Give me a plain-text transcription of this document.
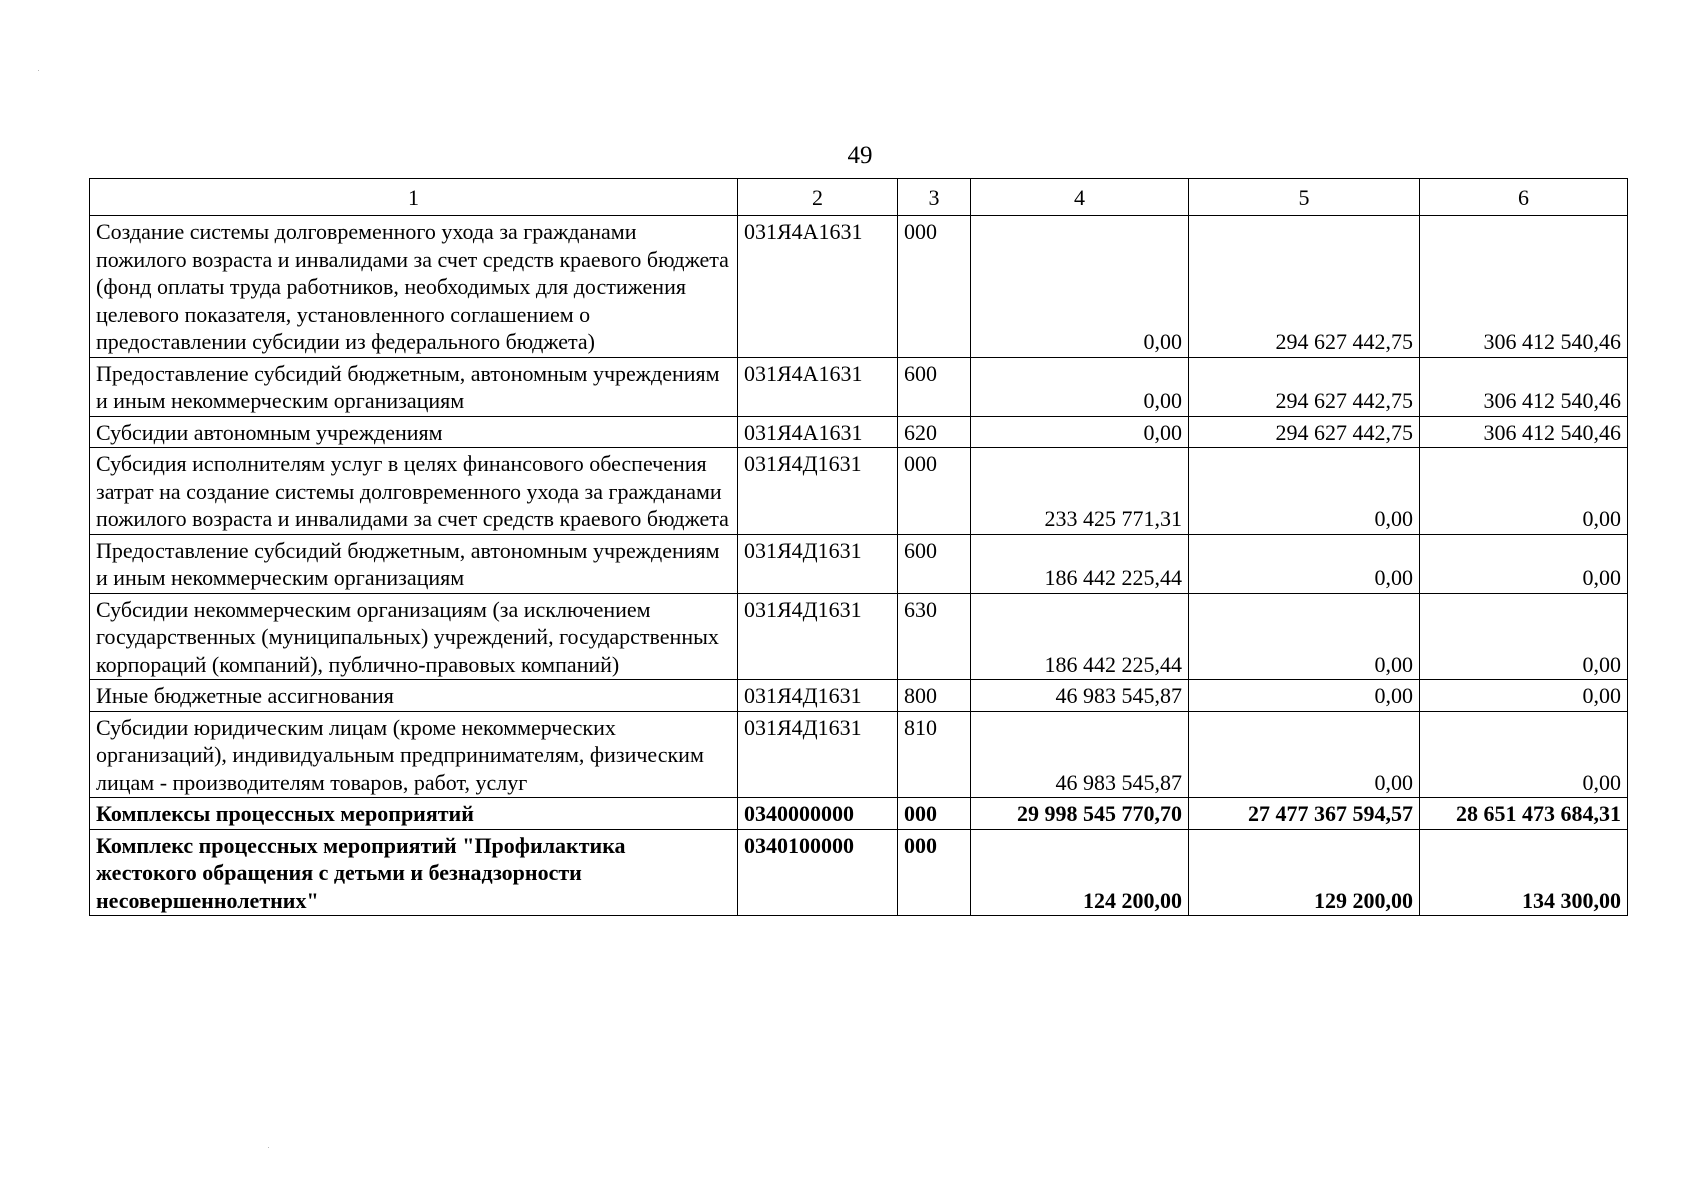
49
1	2	3	4	5	6
Создание системы долговременного ухода за гражданами пожилого возраста и инвалидами за счет средств краевого бюджета (фонд оплаты труда работников, необходимых для достижения целевого показателя, установленного соглашением о предоставлении субсидии из федерального бюджета)	031Я4А1631	000	0,00	294 627 442,75	306 412 540,46
Предоставление субсидий бюджетным, автономным учреждениям и иным некоммерческим организациям	031Я4А1631	600	0,00	294 627 442,75	306 412 540,46
Субсидии автономным учреждениям	031Я4А1631	620	0,00	294 627 442,75	306 412 540,46
Субсидия исполнителям услуг в целях финансового обеспечения затрат на создание системы долговременного ухода за гражданами пожилого возраста и инвалидами за счет средств краевого бюджета	031Я4Д1631	000	233 425 771,31	0,00	0,00
Предоставление субсидий бюджетным, автономным учреждениям и иным некоммерческим организациям	031Я4Д1631	600	186 442 225,44	0,00	0,00
Субсидии некоммерческим организациям (за исключением государственных (муниципальных) учреждений, государственных корпораций (компаний), публично-правовых компаний)	031Я4Д1631	630	186 442 225,44	0,00	0,00
Иные бюджетные ассигнования	031Я4Д1631	800	46 983 545,87	0,00	0,00
Субсидии юридическим лицам (кроме некоммерческих организаций), индивидуальным предпринимателям, физическим лицам - производителям товаров, работ, услуг	031Я4Д1631	810	46 983 545,87	0,00	0,00
Комплексы процессных мероприятий	0340000000	000	29 998 545 770,70	27 477 367 594,57	28 651 473 684,31
Комплекс процессных мероприятий "Профилактика жестокого обращения с детьми и безнадзорности несовершеннолетних"	0340100000	000	124 200,00	129 200,00	134 300,00
